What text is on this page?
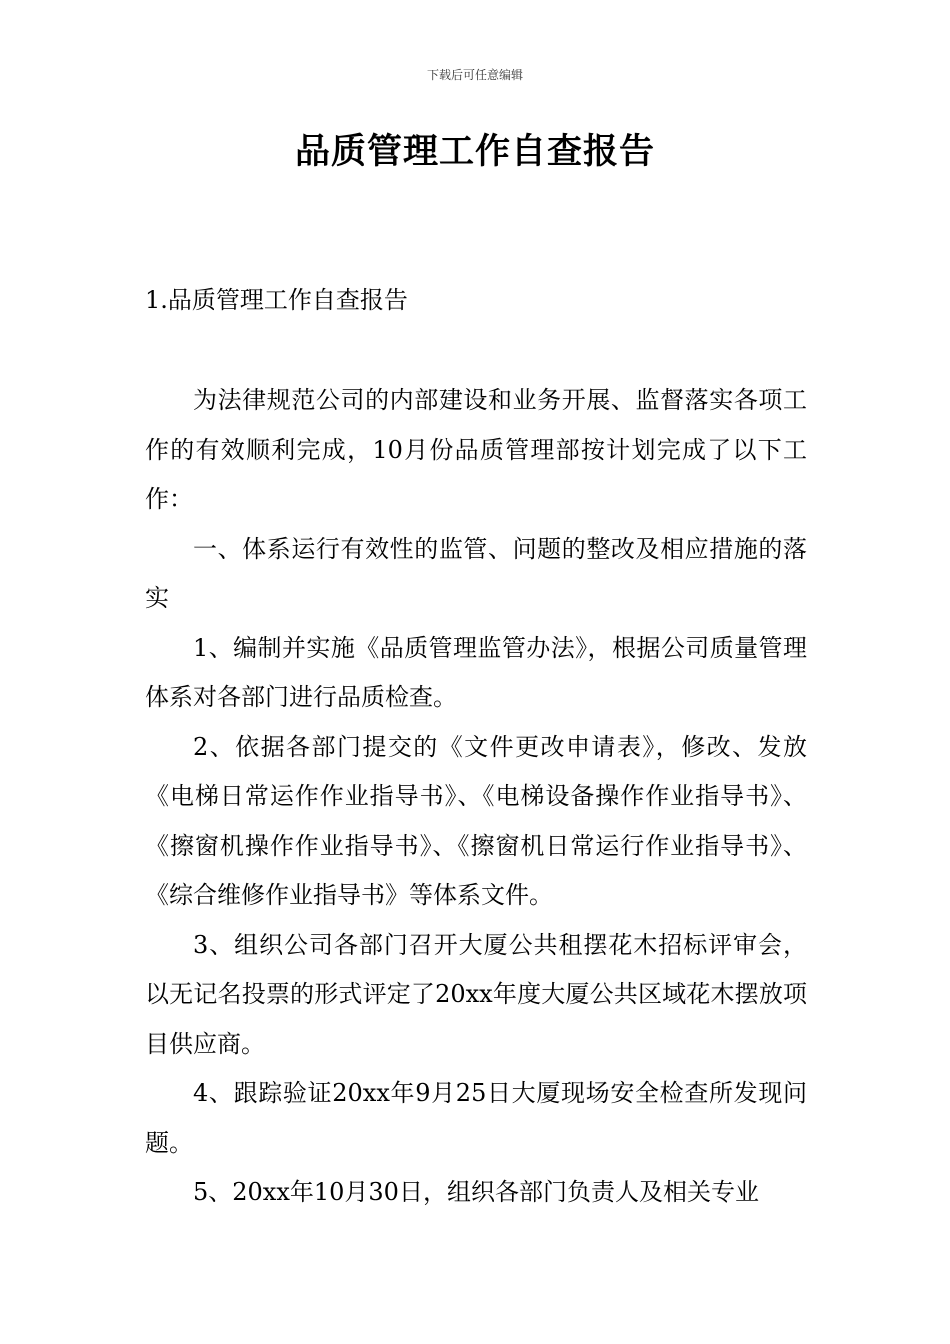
下载后可任意编辑
品质管理工作自查报告
1.品质管理工作自查报告

为法律规范公司的内部建设和业务开展、监督落实各项工作的有效顺利完成，10月份品质管理部按计划完成了以下工作：

一、体系运行有效性的监管、问题的整改及相应措施的落实

1、编制并实施《品质管理监管办法》，根据公司质量管理体系对各部门进行品质检查。

2、依据各部门提交的《文件更改申请表》，修改、发放《电梯日常运作作业指导书》、《电梯设备操作作业指导书》、《擦窗机操作作业指导书》、《擦窗机日常运行作业指导书》、《综合维修作业指导书》等体系文件。

3、组织公司各部门召开大厦公共租摆花木招标评审会，以无记名投票的形式评定了20xx年度大厦公共区域花木摆放项目供应商。

4、跟踪验证20xx年9月25日大厦现场安全检查所发现问题。

5、20xx年10月30日，组织各部门负责人及相关专业
